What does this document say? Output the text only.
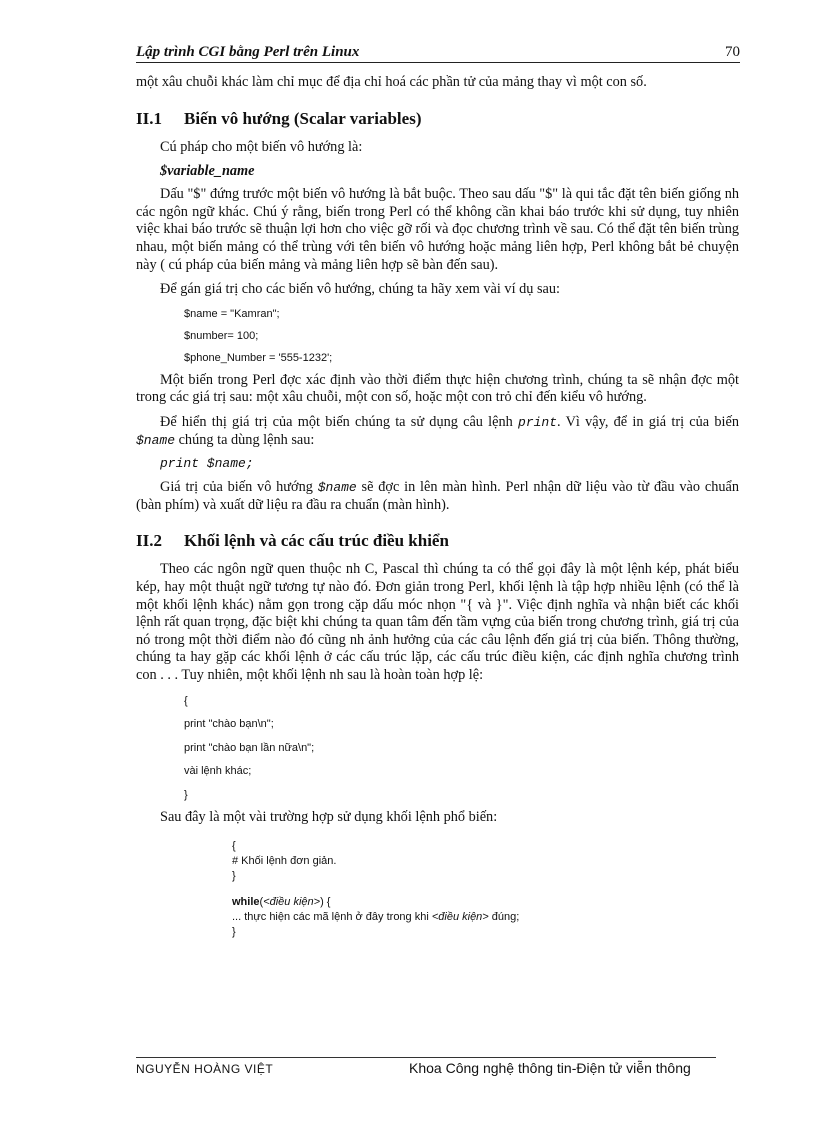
Lập trình CGI bằng Perl trên Linux	70

một xâu chuỗi khác làm chỉ mục để địa chỉ hoá các phần tử của mảng thay vì một con số.

II.1 Biến vô hướng (Scalar variables)

Cú pháp cho một biến vô hướng là:

$variable_name

Dấu "$" đứng trước một biến vô hướng là bắt buộc. Theo sau dấu "$" là qui tắc đặt tên biến giống nh các ngôn ngữ khác. Chú ý rằng, biến trong Perl có thể không cần khai báo trước khi sử dụng, tuy nhiên việc khai báo trước sẽ thuận lợi hơn cho việc gỡ rối và đọc chương trình về sau. Có thể đặt tên biến trùng nhau, một biến mảng có thể trùng với tên biến vô hướng hoặc mảng liên hợp, Perl không bắt bẻ chuyện này ( cú pháp của biến mảng và mảng liên hợp sẽ bàn đến sau).

Để gán giá trị cho các biến vô hướng, chúng ta hãy xem vài ví dụ sau:

$name = "Kamran";
$number= 100;
$phone_Number = '555-1232';

Một biến trong Perl đợc xác định vào thời điểm thực hiện chương trình, chúng ta sẽ nhận đợc một trong các giá trị sau: một xâu chuỗi, một con số, hoặc một con trỏ chỉ đến kiểu vô hướng.

Để hiển thị giá trị của một biến chúng ta sử dụng câu lệnh print. Vì vậy, để in giá trị của biến $name chúng ta dùng lệnh sau:

print $name;

Giá trị của biến vô hướng $name sẽ đợc in lên màn hình. Perl nhận dữ liệu vào từ đầu vào chuẩn (bàn phím) và xuất dữ liệu ra đầu ra chuẩn (màn hình).

II.2 Khối lệnh và các cấu trúc điều khiển

Theo các ngôn ngữ quen thuộc nh C, Pascal thì chúng ta có thể gọi đây là một lệnh kép, phát biểu kép, hay một thuật ngữ tương tự nào đó. Đơn giản trong Perl, khối lệnh là tập hợp nhiều lệnh (có thể là một khối lệnh khác) nằm gọn trong cặp dấu móc nhọn "{ và }". Việc định nghĩa và nhận biết các khối lệnh rất quan trọng, đặc biệt khi chúng ta quan tâm đến tầm vựng của biến trong chương trình, giá trị của nó trong một thời điểm nào đó cũng nh ảnh hưởng của các câu lệnh đến giá trị của biến. Thông thường, chúng ta hay gặp các khối lệnh ở các cấu trúc lặp, các cấu trúc điều kiện, các định nghĩa chương trình con . . . Tuy nhiên, một khối lệnh nh sau là hoàn toàn hợp lệ:

{
print "chào bạn\n";
print "chào bạn lần nữa\n";
vài lệnh khác;
}

Sau đây là một vài trường hợp sử dụng khối lệnh phổ biến:

{
# Khối lệnh đơn giản.
}
while(<điều kiện>) {
... thực hiện các mã lệnh ở đây trong khi <điều kiện> đúng;
}
NGUYỄN HOÀNG VIỆT	Khoa Công nghệ thông tin-Điện tử viễn thông
